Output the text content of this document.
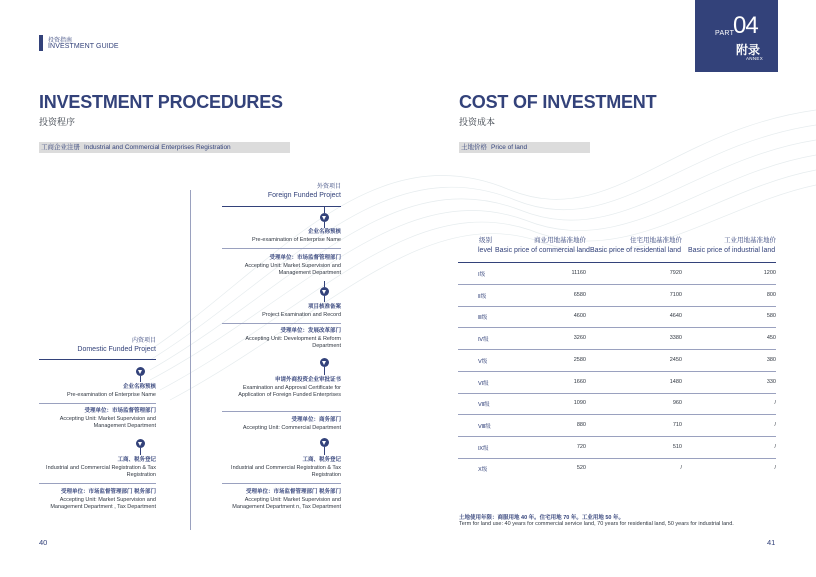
投资指南
INVESTMENT GUIDE
PART
04
附录
ANNEX
INVESTMENT PROCEDURES
投资程序
工商企业注册 Industrial and Commercial Enterprises Registration
外资项目
Foreign Funded Project
企业名称预核
Pre-examination of Enterprise Name
受理单位：市场监督管理部门
Accepting Unit: Market Supervision and Management Department
项目核准备案
Project Examination and Record
受理单位：发展改革部门
Accepting Unit: Development & Reform Department
申请外商投资企业审批证书
Examination and Approval Certificate for Application of Foreign Funded Enterprises
受理单位：商务部门
Accepting Unit: Commercial Department
工商、税务登记
Industrial and Commercial Registration & Tax Registration
受理单位：市场监督管理部门 税务部门
Accepting Unit: Market Supervision and Management Department n, Tax Department
内资项目
Domestic Funded Project
企业名称预核
Pre-examination of Enterprise Name
受理单位：市场监督管理部门
Accepting Unit: Market Supervision and Management Department
工商、税务登记
Industrial and Commercial Registration & Tax Registration
受理单位：市场监督管理部门 税务部门
Accepting Unit: Market Supervision and Management Department , Tax Department
40
COST OF INVESTMENT
投资成本
土地价格 Price of land
级别	商业用地基准地价	住宅用地基准地价	工业用地基准地价
level Basic price of commercial land Basic price of residential land Basic price of industrial land
Ⅰ级	11160	7920	1200
Ⅱ级	6580	7100	800
Ⅲ级	4600	4640	580
Ⅳ级	3260	3380	450
Ⅴ级	2580	2450	380
Ⅵ级	1660	1480	330
Ⅶ级	1090	960	/
Ⅷ级	880	710	/
Ⅸ级	720	510	/
Ⅹ级	520	/	/
土地使用年限：商服用地 40 年。住宅用地 70 年。工业用地 50 年。
Term for land use: 40 years for commercial service land, 70 years for residential land, 50 years for industrial land.
41
